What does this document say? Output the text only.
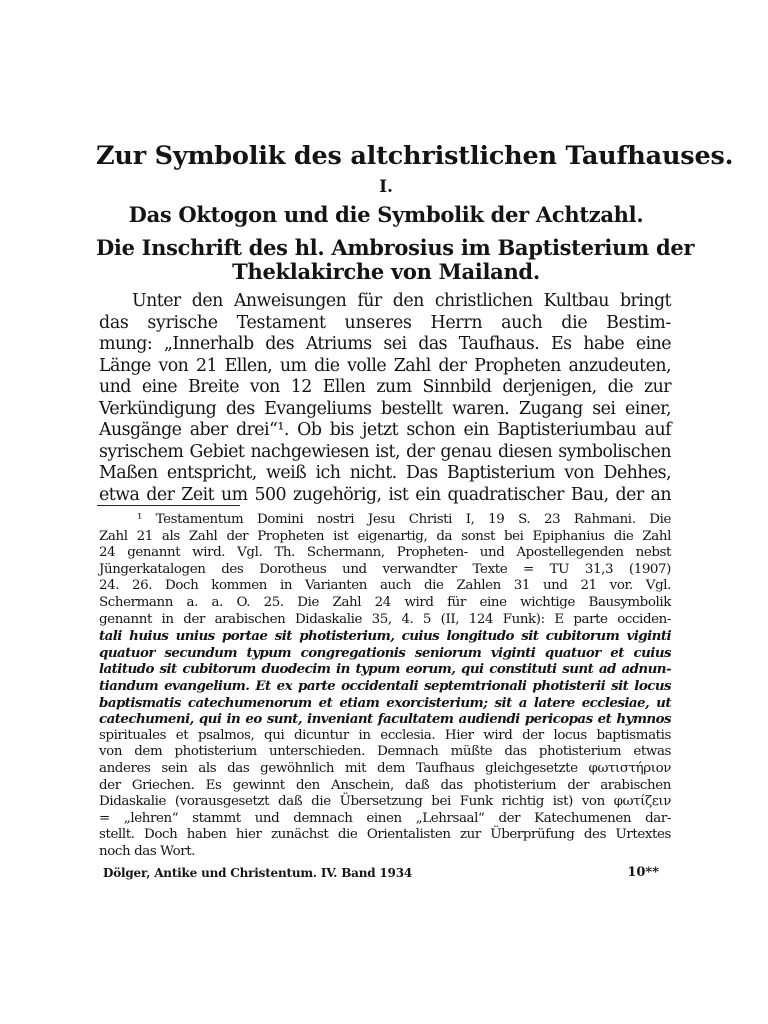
Zur Symbolik des altchristlichen Taufhauses.
I.
Das Oktogon und die Symbolik der Achtzahl.
Die Inschrift des hl. Ambrosius im Baptisterium der
Theklakirche von Mailand.
Unter den Anweisungen für den christlichen Kultbau bringt
das syrische Testament unseres Herrn auch die Bestim-
mung: „Innerhalb des Atriums sei das Taufhaus. Es habe eine
Länge von 21 Ellen, um die volle Zahl der Propheten anzudeuten,
und eine Breite von 12 Ellen zum Sinnbild derjenigen, die zur
Verkündigung des Evangeliums bestellt waren. Zugang sei einer,
Ausgänge aber drei“¹. Ob bis jetzt schon ein Baptisteriumbau auf
syrischem Gebiet nachgewiesen ist, der genau diesen symbolischen
Maßen entspricht, weiß ich nicht. Das Baptisterium von Dehhes,
etwa der Zeit um 500 zugehörig, ist ein quadratischer Bau, der an
¹ Testamentum Domini nostri Jesu Christi I, 19 S. 23 Rahmani. Die
Zahl 21 als Zahl der Propheten ist eigenartig, da sonst bei Epiphanius die Zahl
24 genannt wird. Vgl. Th. Schermann, Propheten- und Apostellegenden nebst
Jüngerkatalogen des Dorotheus und verwandter Texte = TU 31,3 (1907)
24. 26. Doch kommen in Varianten auch die Zahlen 31 und 21 vor. Vgl.
Schermann a. a. O. 25. Die Zahl 24 wird für eine wichtige Bausymbolik
genannt in der arabischen Didaskalie 35, 4. 5 (II, 124 Funk): E parte occiden-
tali huius unius portae sit photisterium, cuius longitudo sit cubitorum viginti
quatuor secundum typum congregationis seniorum viginti quatuor et cuius
latitudo sit cubitorum duodecim in typum eorum, qui constituti sunt ad adnun-
tiandum evangelium. Et ex parte occidentali septemtrionali photisterii sit locus
baptismatis catechumenorum et etiam exorcisterium; sit a latere ecclesiae, ut
catechumeni, qui in eo sunt, inveniant facultatem audiendi pericopas et hymnos
spirituales et psalmos, qui dicuntur in ecclesia. Hier wird der locus baptismatis
von dem photisterium unterschieden. Demnach müßte das photisterium etwas
anderes sein als das gewöhnlich mit dem Taufhaus gleichgesetzte φωτιστήριον
der Griechen. Es gewinnt den Anschein, daß das photisterium der arabischen
Didaskalie (vorausgesetzt daß die Übersetzung bei Funk richtig ist) von φωτίζειν
= „lehren“ stammt und demnach einen „Lehrsaal“ der Katechumenen dar-
stellt. Doch haben hier zunächst die Orientalisten zur Überprüfung des Urtextes
noch das Wort.
Dölger, Antike und Christentum. IV. Band 1934	10**
